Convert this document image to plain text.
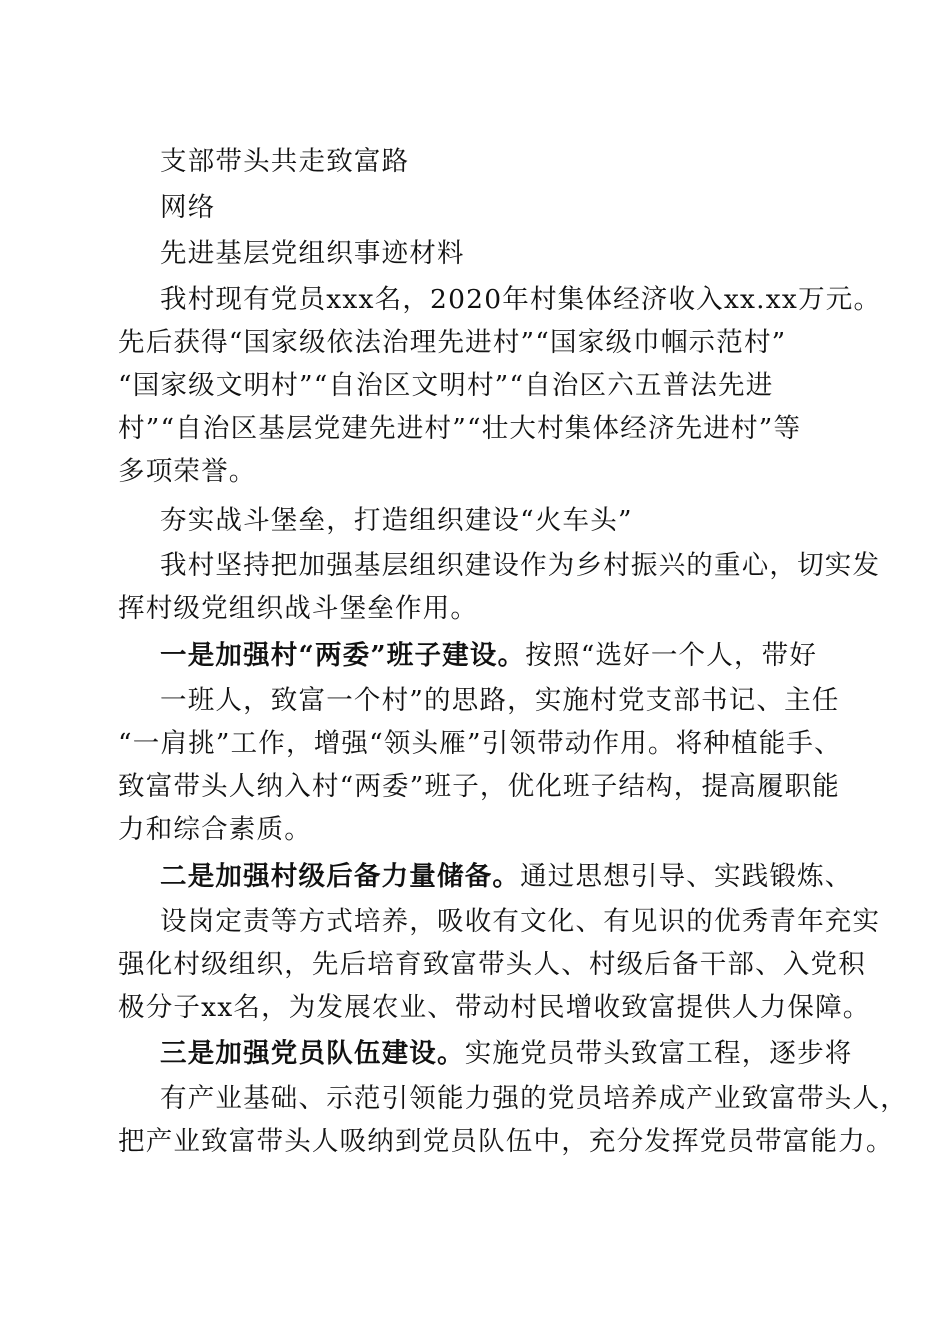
支部带头共走致富路
网络
先进基层党组织事迹材料
我村现有党员xxx名，2020年村集体经济收入xx.xx万元。
先后获得“国家级依法治理先进村”“国家级巾帼示范村”
“国家级文明村”“自治区文明村”“自治区六五普法先进
村”“自治区基层党建先进村”“壮大村集体经济先进村”等
多项荣誉。
夯实战斗堡垒，打造组织建设“火车头”
我村坚持把加强基层组织建设作为乡村振兴的重心，切实发
挥村级党组织战斗堡垒作用。
一是加强村“两委”班子建设。按照“选好一个人，带好
一班人，致富一个村”的思路，实施村党支部书记、主任
“一肩挑”工作，增强“领头雁”引领带动作用。将种植能手、
致富带头人纳入村“两委”班子，优化班子结构，提高履职能
力和综合素质。
二是加强村级后备力量储备。通过思想引导、实践锻炼、
设岗定责等方式培养，吸收有文化、有见识的优秀青年充实
强化村级组织，先后培育致富带头人、村级后备干部、入党积
极分子xx名，为发展农业、带动村民增收致富提供人力保障。
三是加强党员队伍建设。实施党员带头致富工程，逐步将
有产业基础、示范引领能力强的党员培养成产业致富带头人，
把产业致富带头人吸纳到党员队伍中，充分发挥党员带富能力。
